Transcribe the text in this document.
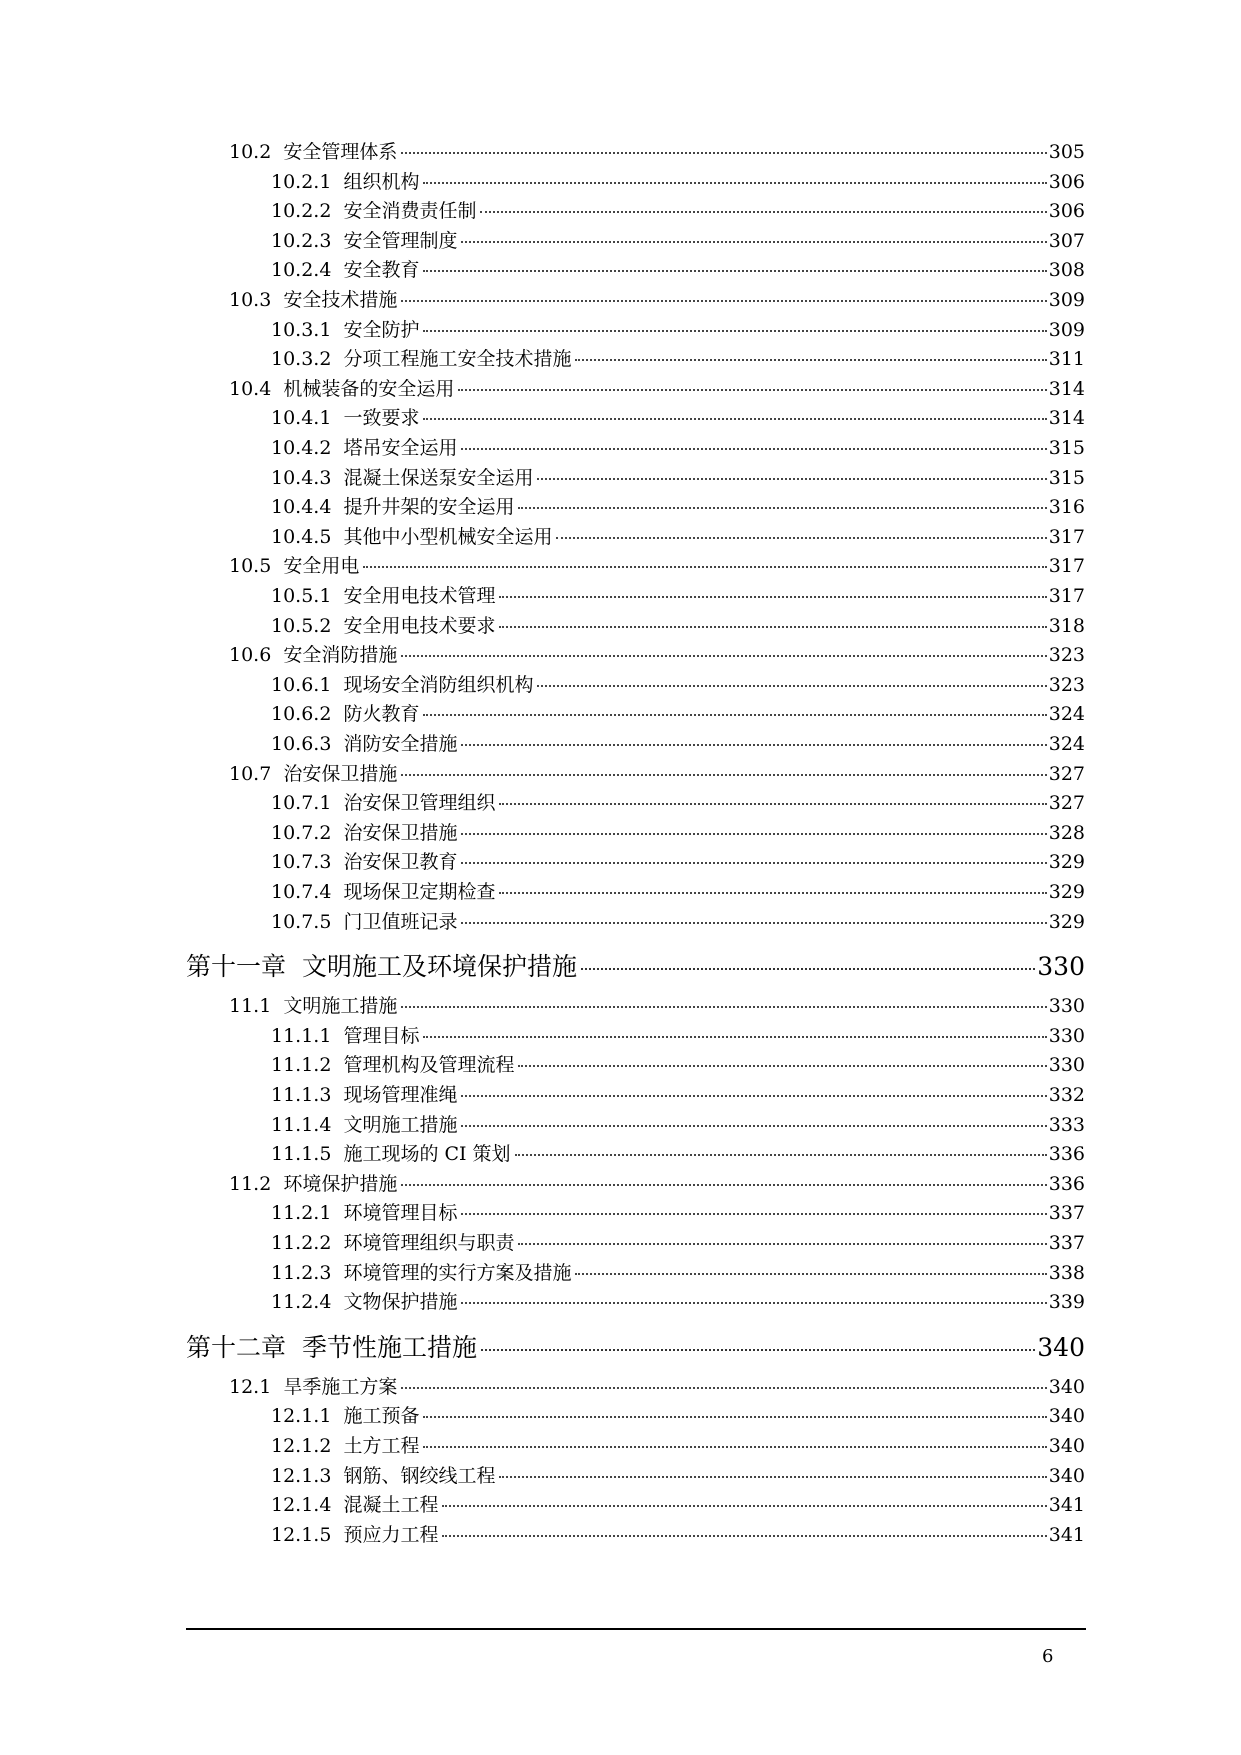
10.2 安全管理体系	305
10.2.1 组织机构	306
10.2.2 安全消费责任制	306
10.2.3 安全管理制度	307
10.2.4 安全教育	308
10.3 安全技术措施	309
10.3.1 安全防护	309
10.3.2 分项工程施工安全技术措施	311
10.4 机械装备的安全运用	314
10.4.1 一致要求	314
10.4.2 塔吊安全运用	315
10.4.3 混凝土保送泵安全运用	315
10.4.4 提升井架的安全运用	316
10.4.5 其他中小型机械安全运用	317
10.5 安全用电	317
10.5.1 安全用电技术管理	317
10.5.2 安全用电技术要求	318
10.6 安全消防措施	323
10.6.1 现场安全消防组织机构	323
10.6.2 防火教育	324
10.6.3 消防安全措施	324
10.7 治安保卫措施	327
10.7.1 治安保卫管理组织	327
10.7.2 治安保卫措施	328
10.7.3 治安保卫教育	329
10.7.4 现场保卫定期检查	329
10.7.5 门卫值班记录	329
第十一章 文明施工及环境保护措施	330
11.1 文明施工措施	330
11.1.1 管理目标	330
11.1.2 管理机构及管理流程	330
11.1.3 现场管理准绳	332
11.1.4 文明施工措施	333
11.1.5 施工现场的 CI 策划	336
11.2 环境保护措施	336
11.2.1 环境管理目标	337
11.2.2 环境管理组织与职责	337
11.2.3 环境管理的实行方案及措施	338
11.2.4 文物保护措施	339
第十二章 季节性施工措施	340
12.1 旱季施工方案	340
12.1.1 施工预备	340
12.1.2 土方工程	340
12.1.3 钢筋、钢绞线工程	340
12.1.4 混凝土工程	341
12.1.5 预应力工程	341
6
